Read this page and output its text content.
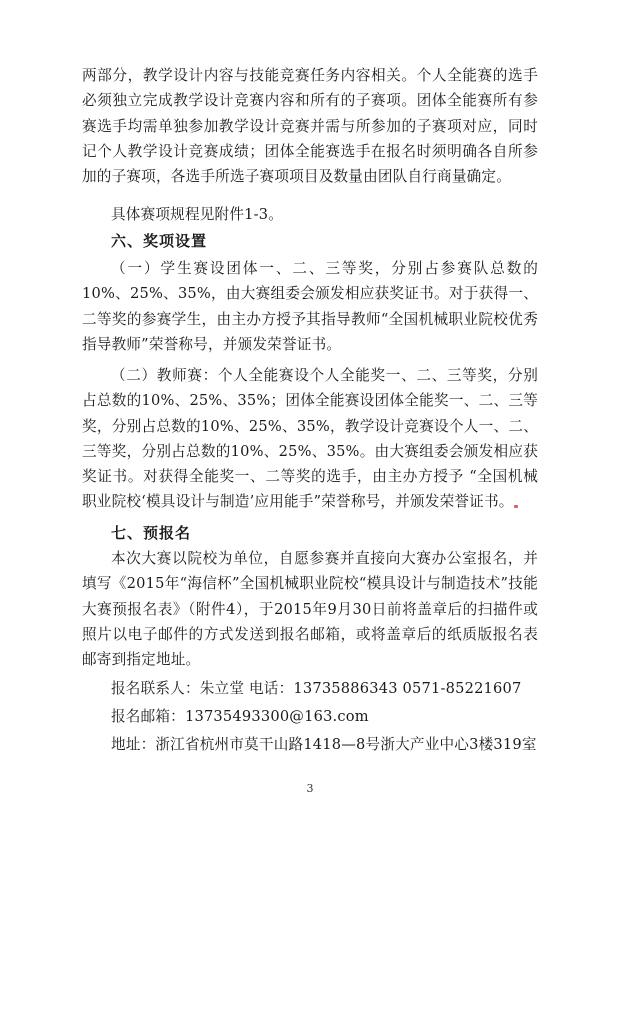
两部分，教学设计内容与技能竞赛任务内容相关。个人全能赛的选手必须独立完成教学设计竞赛内容和所有的子赛项。团体全能赛所有参赛选手均需单独参加教学设计竞赛并需与所参加的子赛项对应，同时记个人教学设计竞赛成绩；团体全能赛选手在报名时须明确各自所参加的子赛项，各选手所选子赛项项目及数量由团队自行商量确定。

具体赛项规程见附件1-3。

六、奖项设置

（一）学生赛设团体一、二、三等奖，分别占参赛队总数的10%、25%、35%，由大赛组委会颁发相应获奖证书。对于获得一、二等奖的参赛学生，由主办方授予其指导教师“全国机械职业院校优秀指导教师”荣誉称号，并颁发荣誉证书。

（二）教师赛：个人全能赛设个人全能奖一、二、三等奖，分别占总数的10%、25%、35%；团体全能赛设团体全能奖一、二、三等奖，分别占总数的10%、25%、35%，教学设计竞赛设个人一、二、三等奖，分别占总数的10%、25%、35%。由大赛组委会颁发相应获奖证书。对获得全能奖一、二等奖的选手，由主办方授予 “全国机械职业院校‘模具设计与制造’应用能手”荣誉称号，并颁发荣誉证书。

七、预报名

本次大赛以院校为单位，自愿参赛并直接向大赛办公室报名，并填写《2015年“海信杯”全国机械职业院校“模具设计与制造技术”技能大赛预报名表》（附件4），于2015年9月30日前将盖章后的扫描件或照片以电子邮件的方式发送到报名邮箱，或将盖章后的纸质版报名表邮寄到指定地址。

报名联系人：朱立堂 电话：13735886343 0571-85221607

报名邮箱：13735493300@163.com

地址：浙江省杭州市莫干山路1418—8号浙大产业中心3楼319室

3
